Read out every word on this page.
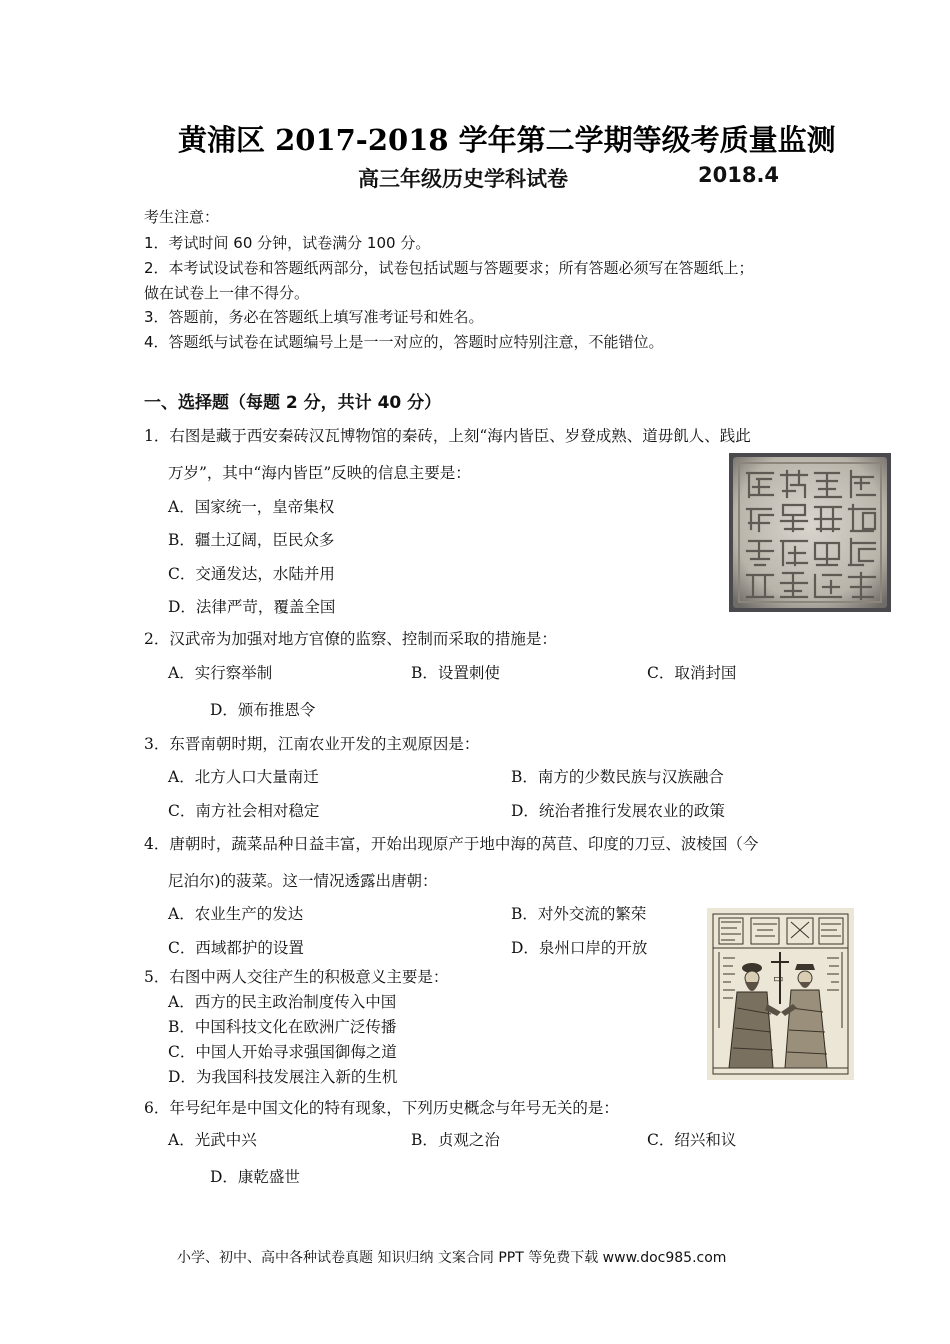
黄浦区 2017-2018 学年第二学期等级考质量监测
高三年级历史学科试卷	2018.4
考生注意：
1．考试时间 60 分钟，试卷满分 100 分。
2．本考试设试卷和答题纸两部分，试卷包括试题与答题要求；所有答题必须写在答题纸上；
做在试卷上一律不得分。
3．答题前，务必在答题纸上填写准考证号和姓名。
4．答题纸与试卷在试题编号上是一一对应的，答题时应特别注意，不能错位。
一、选择题（每题 2 分，共计 40 分）
1．右图是藏于西安秦砖汉瓦博物馆的秦砖，上刻“海内皆臣、岁登成熟、道毋飢人、践此
万岁”，其中“海内皆臣”反映的信息主要是：
A．国家统一，皇帝集权
B．疆土辽阔，臣民众多
C．交通发达，水陆并用
D．法律严苛，覆盖全国
2．汉武帝为加强对地方官僚的监察、控制而采取的措施是：
A．实行察举制	B．设置刺使	C．取消封国
D．颁布推恩令
3．东晋南朝时期，江南农业开发的主观原因是：
A．北方人口大量南迁	B．南方的少数民族与汉族融合
C．南方社会相对稳定	D．统治者推行发展农业的政策
4．唐朝时，蔬菜品种日益丰富，开始出现原产于地中海的莴苣、印度的刀豆、波棱国（今
尼泊尔)的菠菜。这一情况透露出唐朝：
A．农业生产的发达	B．对外交流的繁荣
C．西域都护的设置	D．泉州口岸的开放
▭
5．右图中两人交往产生的积极意义主要是：
A．西方的民主政治制度传入中国
B．中国科技文化在欧洲广泛传播
C．中国人开始寻求强国御侮之道
D．为我国科技发展注入新的生机
6．年号纪年是中国文化的特有现象，下列历史概念与年号无关的是：
A．光武中兴	B．贞观之治	C．绍兴和议
D．康乾盛世
小学、初中、高中各种试卷真题 知识归纳 文案合同 PPT 等免费下载 www.doc985.com
